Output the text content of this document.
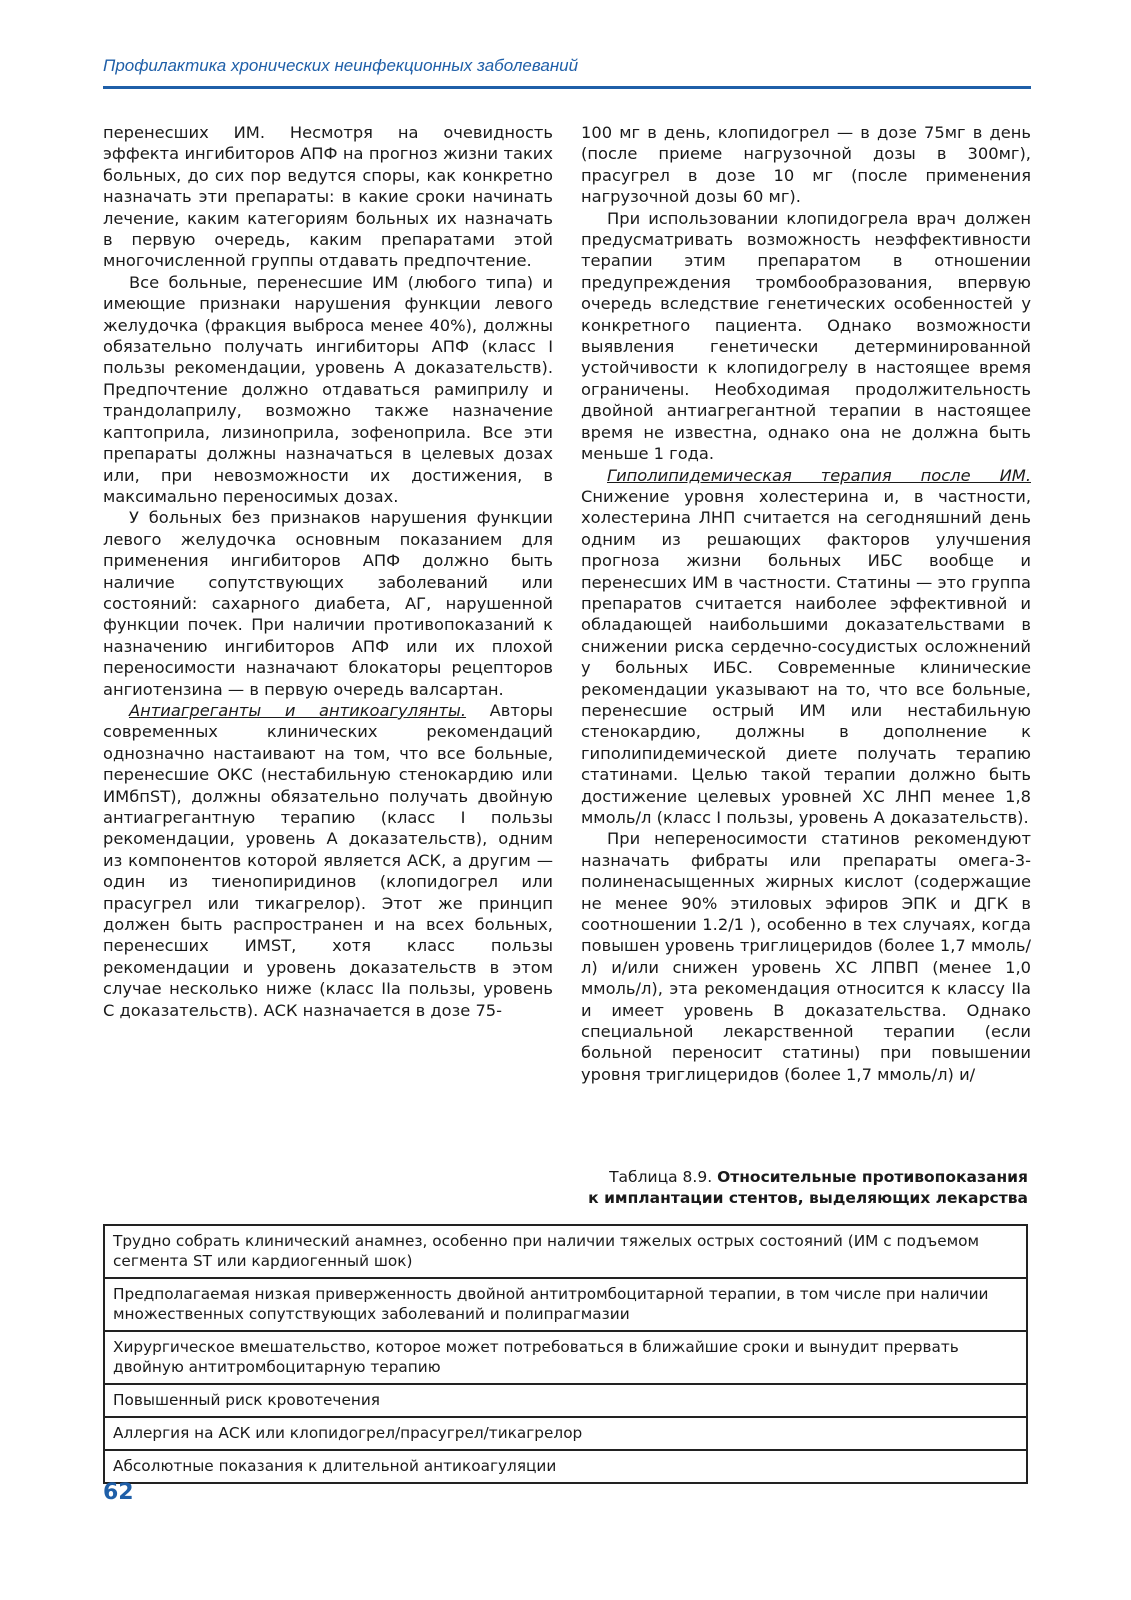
Профилактика хронических неинфекционных заболеваний

перенесших ИМ. Несмотря на очевидность эффекта ингибиторов АПФ на прогноз жизни таких больных, до сих пор ведутся споры, как конкретно назначать эти препараты: в какие сроки начинать лечение, каким категориям больных их назначать в первую очередь, каким препаратами этой многочисленной группы отдавать предпочтение.

Все больные, перенесшие ИМ (любого типа) и имеющие признаки нарушения функции левого желудочка (фракция выброса менее 40%), должны обязательно получать ингибиторы АПФ (класс I пользы рекомендации, уровень А доказательств). Предпочтение должно отдаваться рамиприлу и трандолаприлу, возможно также назначение каптоприла, лизиноприла, зофеноприла. Все эти препараты должны назначаться в целевых дозах или, при невозможности их достижения, в максимально переносимых дозах.

У больных без признаков нарушения функции левого желудочка основным показанием для применения ингибиторов АПФ должно быть наличие сопутствующих заболеваний или состояний: сахарного диабета, АГ, нарушенной функции почек. При наличии противопоказаний к назначению ингибиторов АПФ или их плохой переносимости назначают блокаторы рецепторов ангиотензина — в первую очередь валсартан.

Антиагреганты и антикоагулянты. Авторы современных клинических рекомендаций однозначно настаивают на том, что все больные, перенесшие ОКС (нестабильную стенокардию или ИМбпST), должны обязательно получать двойную антиагрегантную терапию (класс I пользы рекомендации, уровень А доказательств), одним из компонентов которой является АСК, а другим — один из тиенопиридинов (клопидогрел или прасугрел или тикагрелор). Этот же принцип должен быть распространен и на всех больных, перенесших ИМST, хотя класс пользы рекомендации и уровень доказательств в этом случае несколько ниже (класс IIa пользы, уровень С доказательств). АСК назначается в дозе 75-

100 мг в день, клопидогрел — в дозе 75мг в день (после приеме нагрузочной дозы в 300мг), прасугрел в дозе 10 мг (после применения нагрузочной дозы 60 мг).

При использовании клопидогрела врач должен предусматривать возможность неэффективности терапии этим препаратом в отношении предупреждения тромбообразования, впервую очередь вследствие генетических особенностей у конкретного пациента. Однако возможности выявления генетически детерминированной устойчивости к клопидогрелу в настоящее время ограничены. Необходимая продолжительность двойной антиагрегантной терапии в настоящее время не известна, однако она не должна быть меньше 1 года.

Гиполипидемическая терапия после ИМ. Снижение уровня холестерина и, в частности, холестерина ЛНП считается на сегодняшний день одним из решающих факторов улучшения прогноза жизни больных ИБС вообще и перенесших ИМ в частности. Статины — это группа препаратов считается наиболее эффективной и обладающей наибольшими доказательствами в снижении риска сердечно-сосудистых осложнений у больных ИБС. Современные клинические рекомендации указывают на то, что все больные, перенесшие острый ИМ или нестабильную стенокардию, должны в дополнение к гиполипидемической диете получать терапию статинами. Целью такой терапии должно быть достижение целевых уровней ХС ЛНП менее 1,8 ммоль/л (класс I пользы, уровень А доказательств).

При непереносимости статинов рекомендуют назначать фибраты или препараты омега-3-полиненасыщенных жирных кислот (содержащие не менее 90% этиловых эфиров ЭПК и ДГК в соотношении 1.2/1 ), особенно в тех случаях, когда повышен уровень триглицеридов (более 1,7 ммоль/л) и/или снижен уровень ХС ЛПВП (менее 1,0 ммоль/л), эта рекомендация относится к классу IIa и имеет уровень В доказательства. Однако специальной лекарственной терапии (если больной переносит статины) при повышении уровня триглицеридов (более 1,7 ммоль/л) и/

Таблица 8.9. Относительные противопоказания
к имплантации стентов, выделяющих лекарства
Трудно собрать клинический анамнез, особенно при наличии тяжелых острых состояний (ИМ с подъемом сегмента ST или кардиогенный шок)
Предполагаемая низкая приверженность двойной антитромбоцитарной терапии, в том числе при наличии множественных сопутствующих заболеваний и полипрагмазии
Хирургическое вмешательство, которое может потребоваться в ближайшие сроки и вынудит прервать двойную антитромбоцитарную терапию
Повышенный риск кровотечения
Аллергия на АСК или клопидогрел/прасугрел/тикагрелор
Абсолютные показания к длительной антикоагуляции
62
